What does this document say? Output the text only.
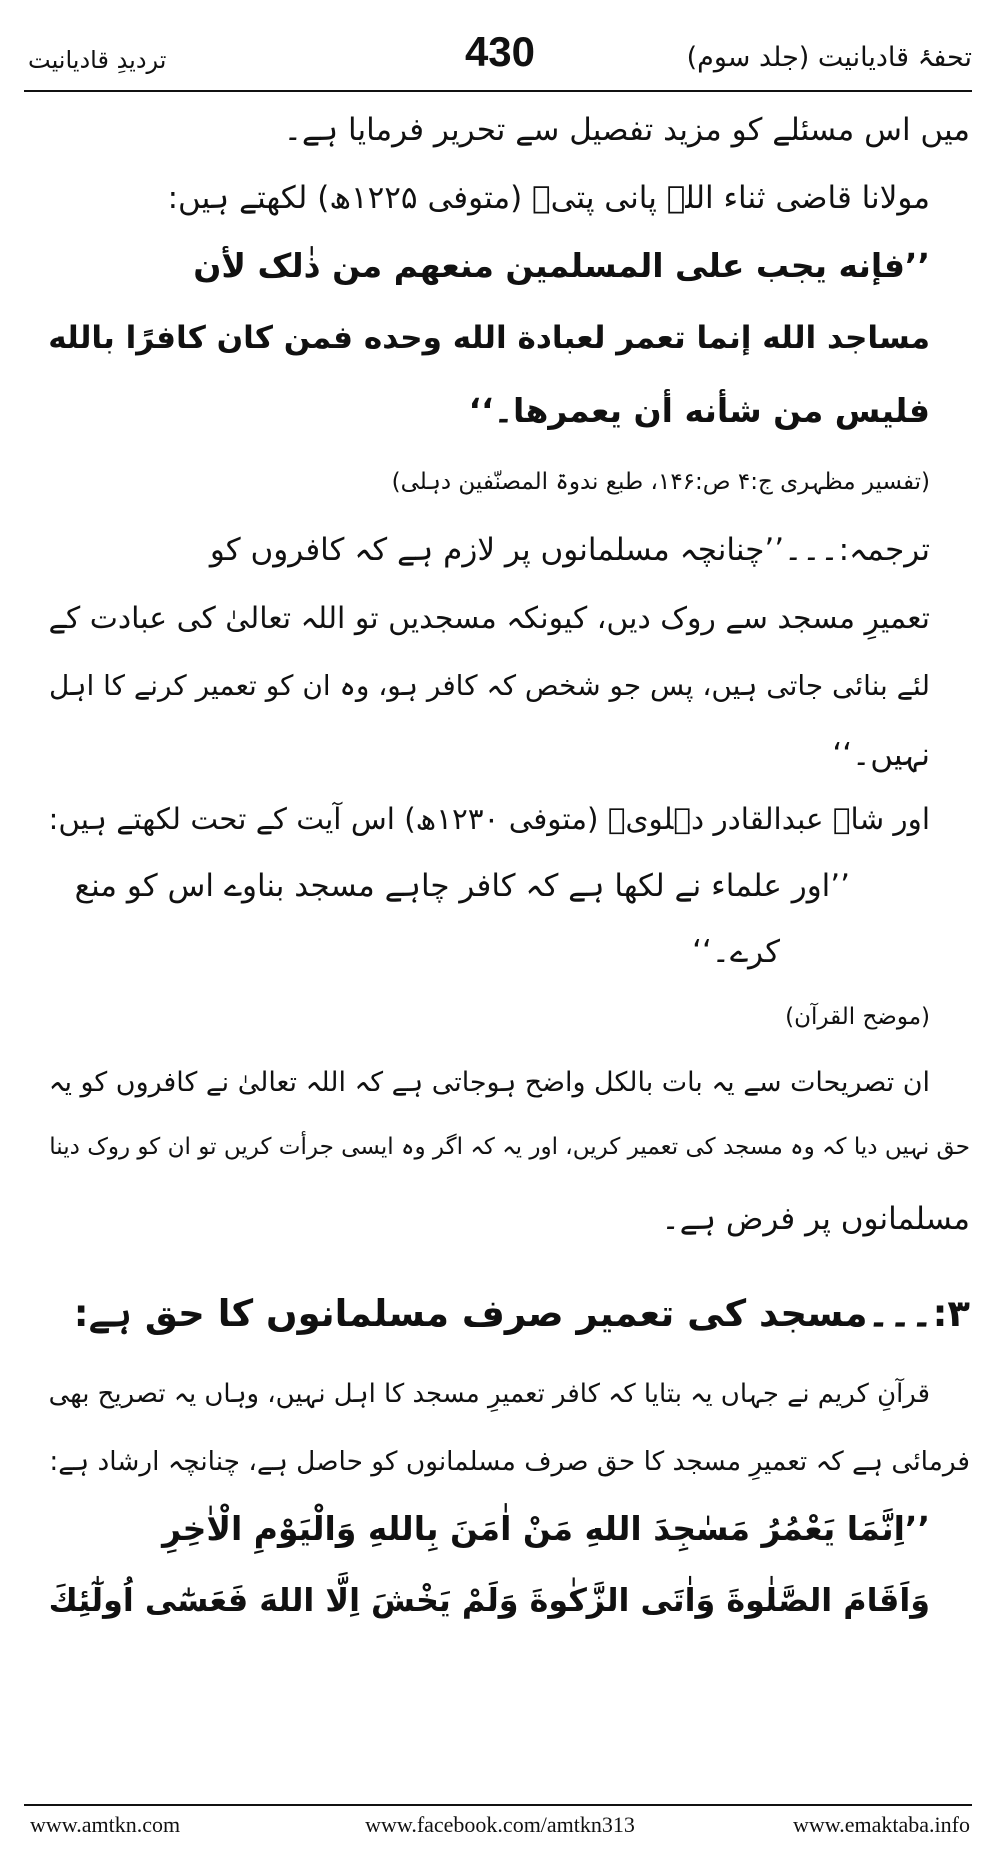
تردیدِ قادیانیت	430	تحفۂ قادیانیت (جلد سوم)
میں اس مسئلے کو مزید تفصیل سے تحریر فرمایا ہے۔
مولانا قاضی ثناء اللہ پانی پتیؒ (متوفی ۱۲۲۵ھ) لکھتے ہیں:
’’فإنه يجب على المسلمين منعهم من ذٰلک لأن
مساجد الله إنما تعمر لعبادة الله وحده فمن كان كافرًا بالله
فليس من شأنه أن يعمرها۔‘‘
(تفسیر مظہری ج:۴ ص:۱۴۶، طبع ندوۃ المصنّفین دہلی)
ترجمہ:۔۔۔’’چنانچہ مسلمانوں پر لازم ہے کہ کافروں کو
تعمیرِ مسجد سے روک دیں، کیونکہ مسجدیں تو اللہ تعالیٰ کی عبادت کے
لئے بنائی جاتی ہیں، پس جو شخص کہ کافر ہو، وہ ان کو تعمیر کرنے کا اہل
نہیں۔‘‘
اور شاہ عبدالقادر دہلویؒ (متوفی ۱۲۳۰ھ) اس آیت کے تحت لکھتے ہیں:
’’اور علماء نے لکھا ہے کہ کافر چاہے مسجد بناوے اس کو منع
کرے۔‘‘
(موضح القرآن)
ان تصریحات سے یہ بات بالکل واضح ہوجاتی ہے کہ اللہ تعالیٰ نے کافروں کو یہ
حق نہیں دیا کہ وہ مسجد کی تعمیر کریں، اور یہ کہ اگر وہ ایسی جرأت کریں تو ان کو روک دینا
مسلمانوں پر فرض ہے۔
۳:۔۔۔مسجد کی تعمیر صرف مسلمانوں کا حق ہے:
قرآنِ کریم نے جہاں یہ بتایا کہ کافر تعمیرِ مسجد کا اہل نہیں، وہاں یہ تصریح بھی
فرمائی ہے کہ تعمیرِ مسجد کا حق صرف مسلمانوں کو حاصل ہے، چنانچہ ارشاد ہے:
’’اِنَّمَا يَعْمُرُ مَسٰجِدَ اللهِ مَنْ اٰمَنَ بِاللهِ وَالْيَوْمِ الْاٰخِرِ
وَاَقَامَ الصَّلٰوةَ وَاٰتَى الزَّكٰوةَ وَلَمْ يَخْشَ اِلَّا اللهَ فَعَسٰٓى اُولٰٓئِكَ
www.amtkn.com	www.facebook.com/amtkn313	www.emaktaba.info
